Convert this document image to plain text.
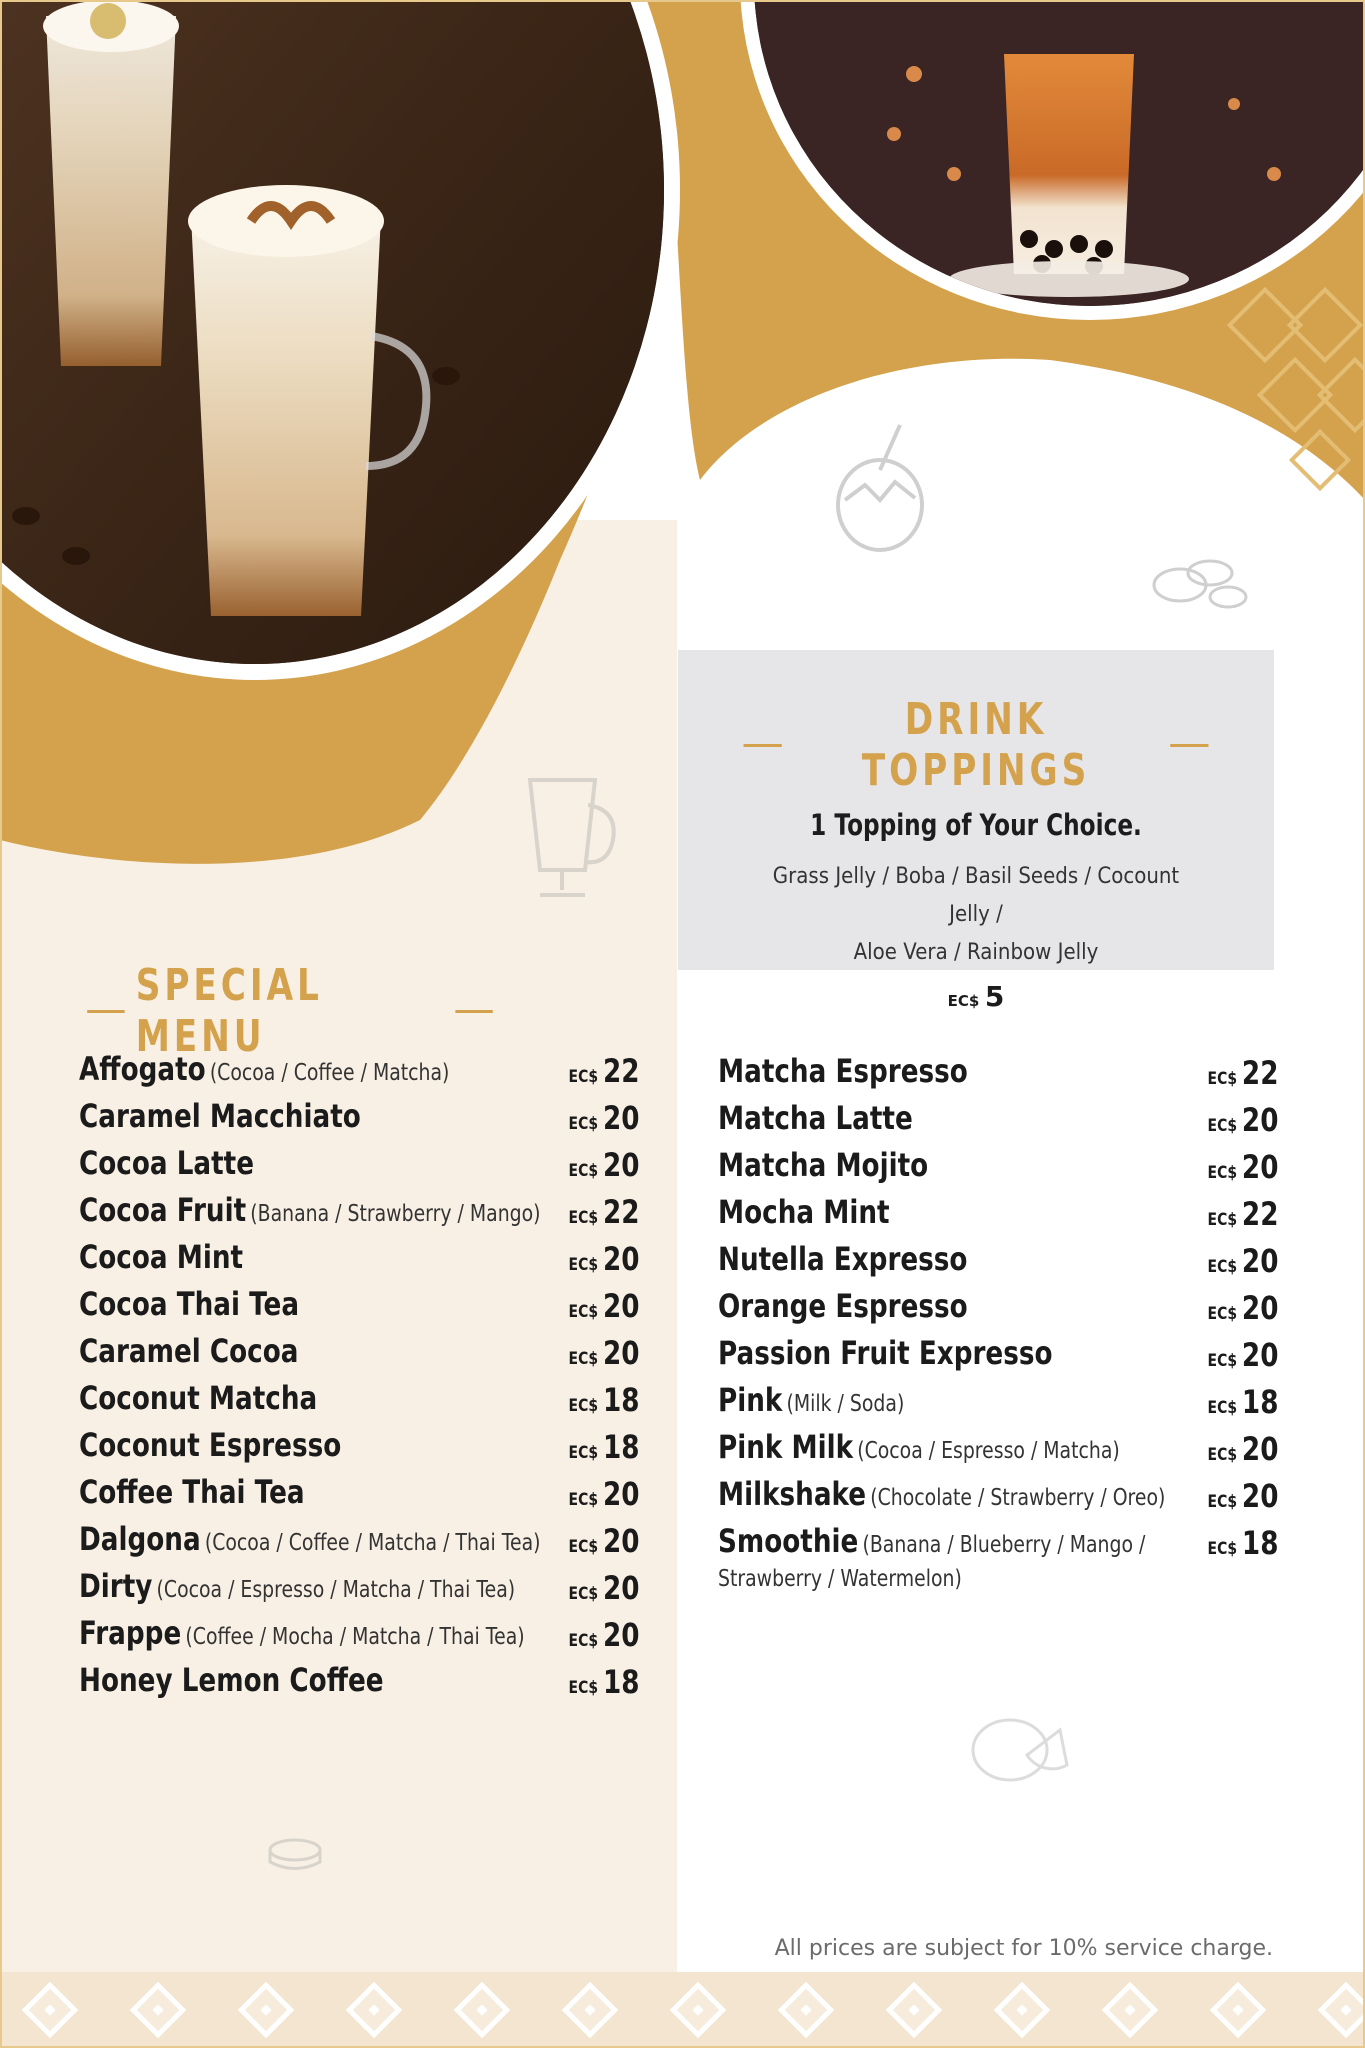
DRINK TOPPINGS
1 Topping of Your Choice.
Grass Jelly / Boba / Basil Seeds / Cocount Jelly /
Aloe Vera / Rainbow Jelly
EC$ 5
SPECIAL MENU
Affogato (Cocoa / Coffee / Matcha)	EC$ 22
Caramel Macchiato	EC$ 20
Cocoa Latte	EC$ 20
Cocoa Fruit (Banana / Strawberry / Mango) EC$ 22
Cocoa Mint	EC$ 20
Cocoa Thai Tea	EC$ 20
Caramel Cocoa	EC$ 20
Coconut Matcha	EC$ 18
Coconut Espresso	EC$ 18
Coffee Thai Tea	EC$ 20
Dalgona (Cocoa / Coffee / Matcha / Thai Tea) EC$ 20
Dirty (Cocoa / Espresso / Matcha / Thai Tea)	EC$ 20
Frappe (Coffee / Mocha / Matcha / Thai Tea)	EC$ 20
Honey Lemon Coffee	EC$ 18
Matcha Espresso	EC$ 22
Matcha Latte	EC$ 20
Matcha Mojito	EC$ 20
Mocha Mint	EC$ 22
Nutella Expresso	EC$ 20
Orange Espresso	EC$ 20
Passion Fruit Expresso	EC$ 20
Pink (Milk / Soda)	EC$ 18
Pink Milk (Cocoa / Espresso / Matcha)	EC$ 20
Milkshake (Chocolate / Strawberry / Oreo) EC$ 20
Smoothie (Banana / Blueberry / Mango /
Strawberry / Watermelon)
EC$ 18
All prices are subject for 10% service charge.
